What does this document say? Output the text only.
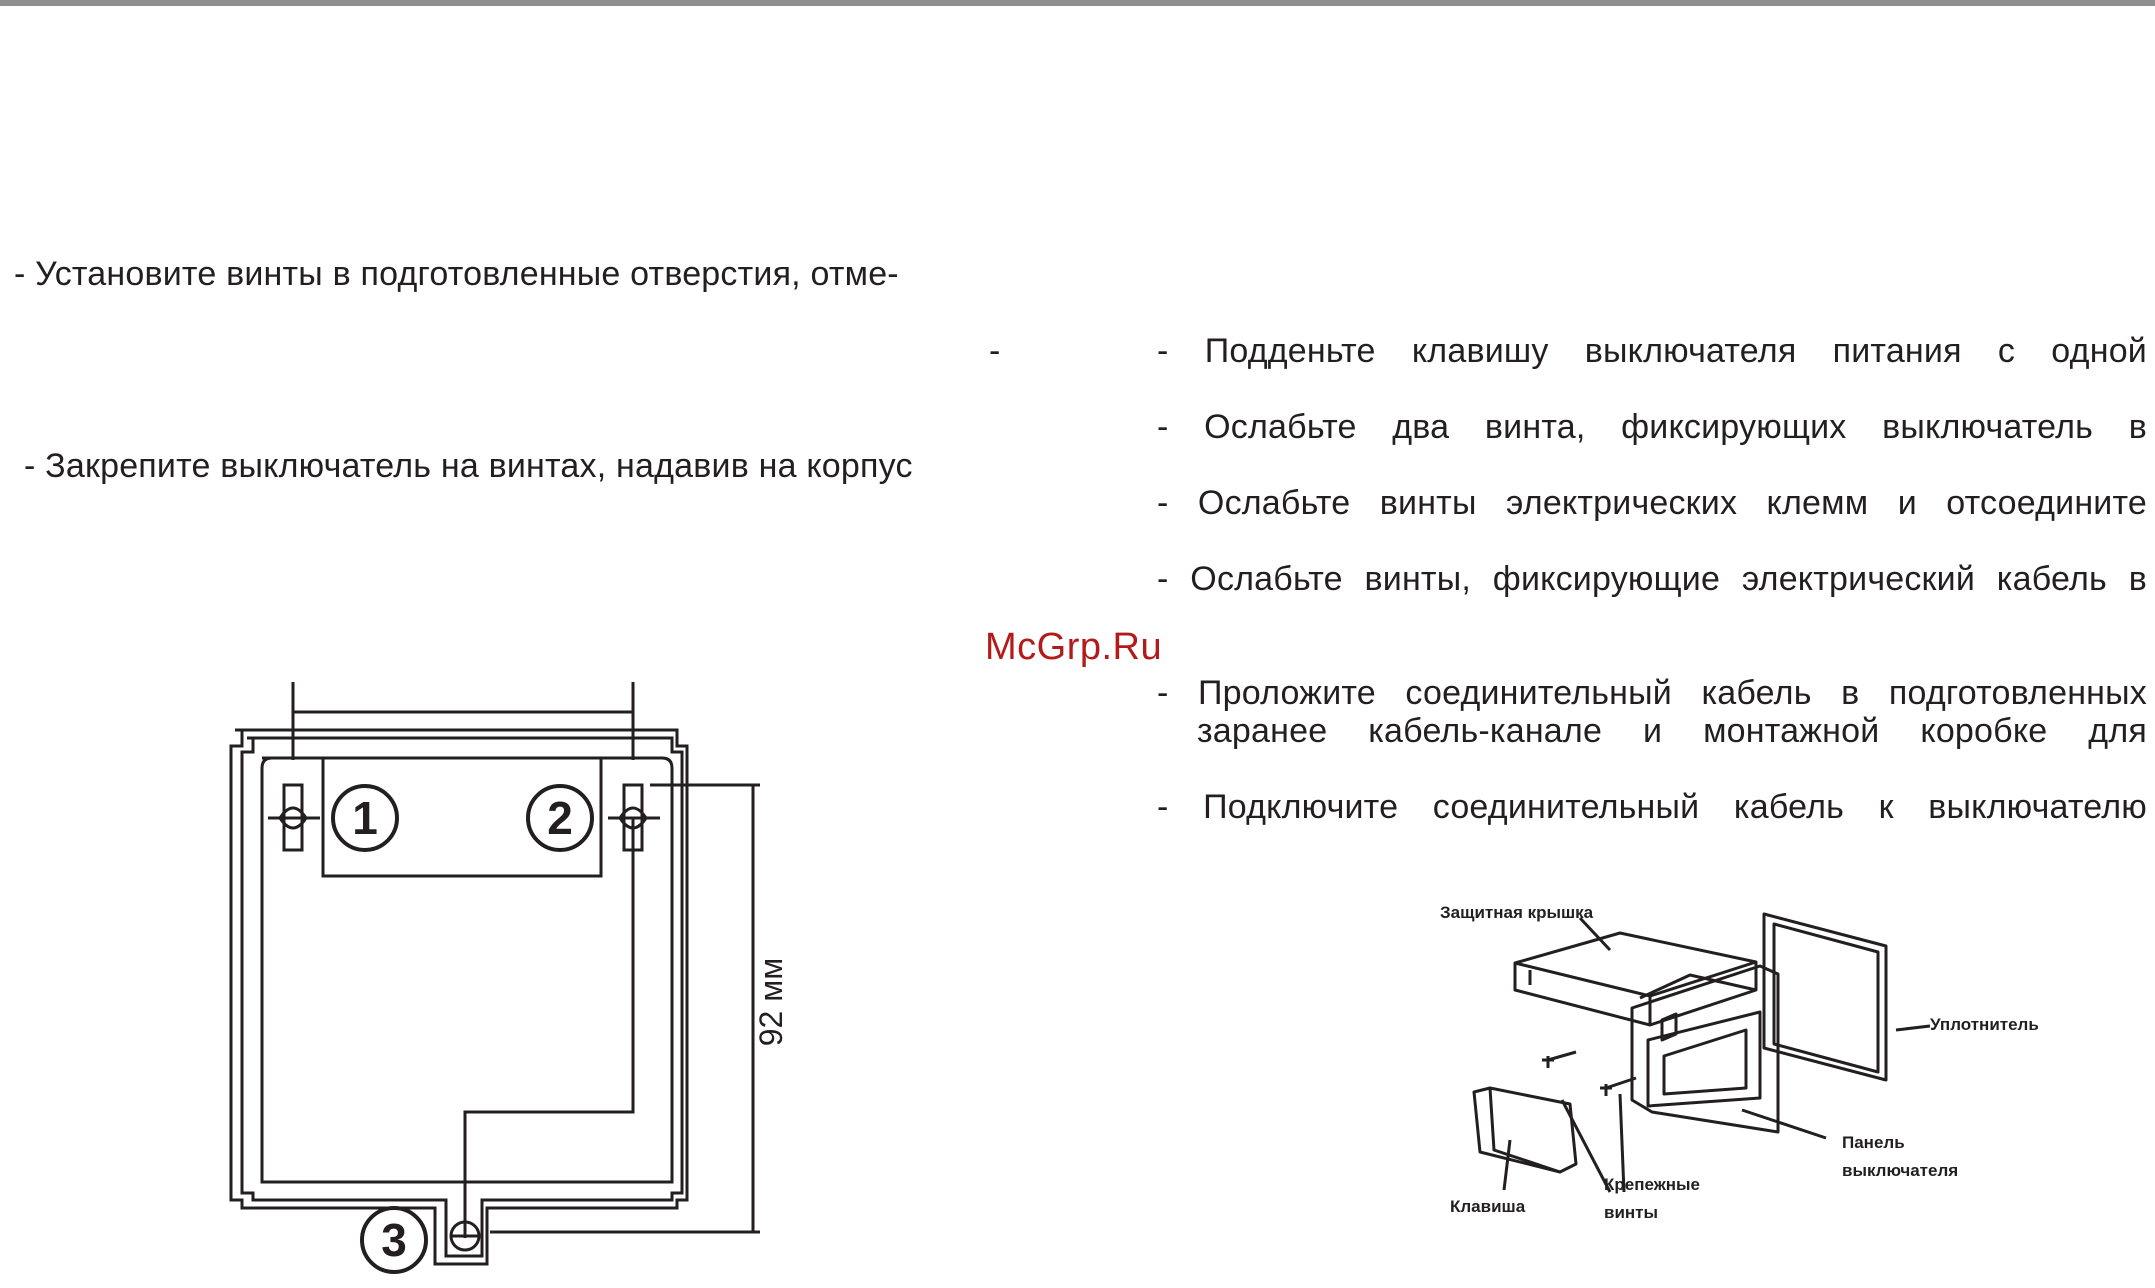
- Установите винты в подготовленные отверстия, отме-
-
- Закрепите выключатель на винтах, надавив на корпус
- Подденьте клавишу выключателя питания с одной
- Ослабьте два винта, фиксирующих выключатель в
- Ослабьте винты электрических клемм и отсоедините
- Ослабьте винты, фиксирующие электрический кабель в
- Проложите соединительный кабель в подготовленных
заранее кабель-канале и монтажной коробке для
- Подключите соединительный кабель к выключателю
McGrp.Ru
1	2
3
92 мм
Защитная крышка
Уплотнитель
Панель
выключателя
Крепежные
винты
Клавиша
